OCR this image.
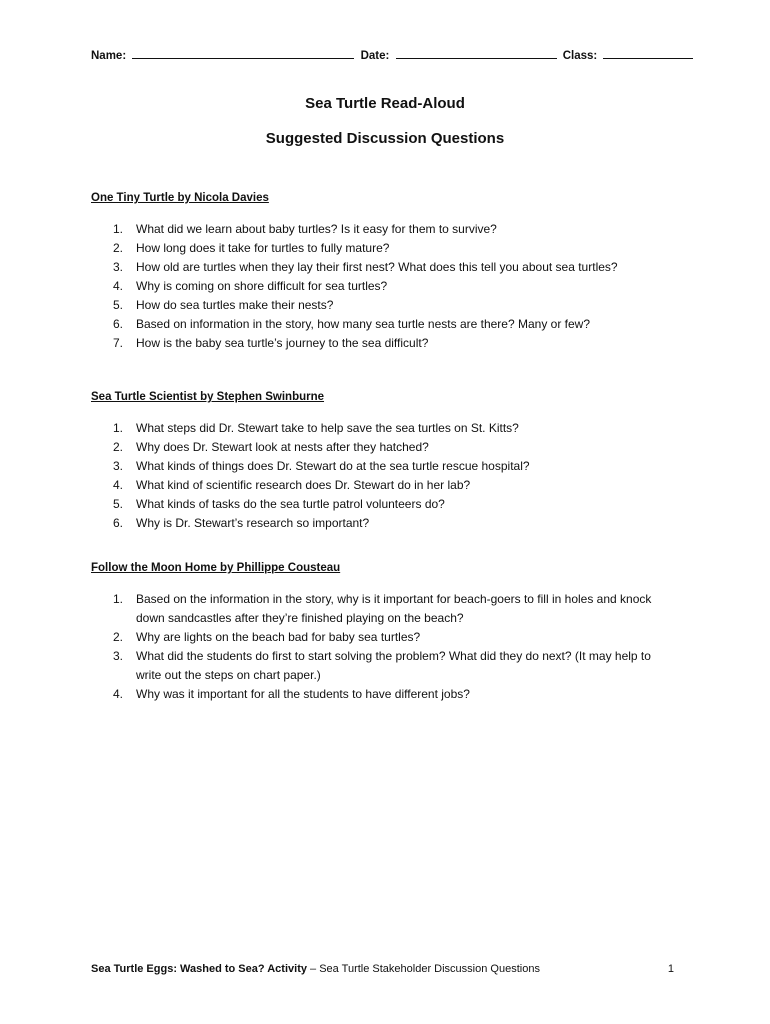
Name:	Date:	Class:
Sea Turtle Read-Aloud
Suggested Discussion Questions
One Tiny Turtle by Nicola Davies
1.	What did we learn about baby turtles? Is it easy for them to survive?
2.	How long does it take for turtles to fully mature?
3.	How old are turtles when they lay their first nest? What does this tell you about sea turtles?
4.	Why is coming on shore difficult for sea turtles?
5.	How do sea turtles make their nests?
6.	Based on information in the story, how many sea turtle nests are there? Many or few?
7.	How is the baby sea turtle’s journey to the sea difficult?
Sea Turtle Scientist by Stephen Swinburne
1.	What steps did Dr. Stewart take to help save the sea turtles on St. Kitts?
2.	Why does Dr. Stewart look at nests after they hatched?
3.	What kinds of things does Dr. Stewart do at the sea turtle rescue hospital?
4.	What kind of scientific research does Dr. Stewart do in her lab?
5.	What kinds of tasks do the sea turtle patrol volunteers do?
6.	Why is Dr. Stewart’s research so important?
Follow the Moon Home by Phillippe Cousteau
1.	Based on the information in the story, why is it important for beach-goers to fill in holes and knock down sandcastles after they’re finished playing on the beach?
2.	Why are lights on the beach bad for baby sea turtles?
3.	What did the students do first to start solving the problem? What did they do next? (It may help to write out the steps on chart paper.)
4.	Why was it important for all the students to have different jobs?
Sea Turtle Eggs: Washed to Sea? Activity – Sea Turtle Stakeholder Discussion Questions	1
